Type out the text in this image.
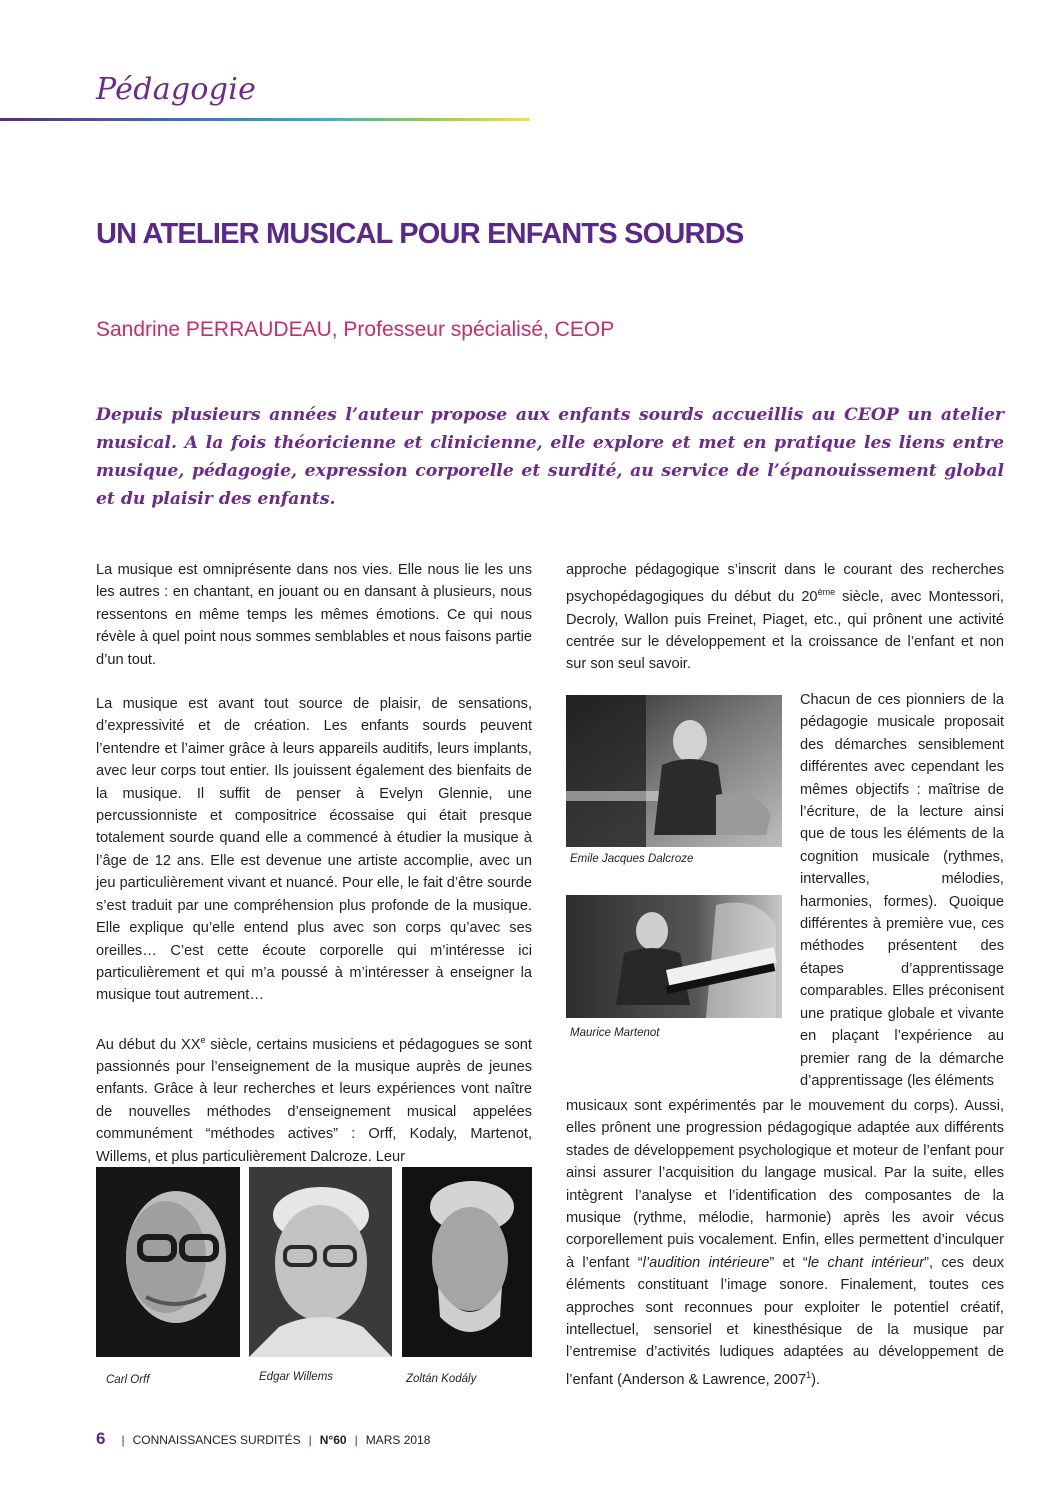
Pédagogie
UN ATELIER MUSICAL POUR ENFANTS SOURDS
Sandrine PERRAUDEAU, Professeur spécialisé, CEOP

Depuis plusieurs années l’auteur propose aux enfants sourds accueillis au CEOP un atelier musical. A la fois théoricienne et clinicienne, elle explore et met en pratique les liens entre musique, pédagogie, expression corporelle et surdité, au service de l’épanouissement global et du plaisir des enfants.

La musique est omniprésente dans nos vies. Elle nous lie les uns les autres : en chantant, en jouant ou en dansant à plusieurs, nous ressentons en même temps les mêmes émotions. Ce qui nous révèle à quel point nous sommes semblables et nous faisons partie d’un tout.

La musique est avant tout source de plaisir, de sensations, d’expressivité et de création. Les enfants sourds peuvent l’entendre et l’aimer grâce à leurs appareils auditifs, leurs implants, avec leur corps tout entier. Ils jouissent également des bienfaits de la musique. Il suffit de penser à Evelyn Glennie, une percussionniste et compositrice écossaise qui était presque totalement sourde quand elle a commencé à étudier la musique à l’âge de 12 ans. Elle est devenue une artiste accomplie, avec un jeu particulièrement vivant et nuancé. Pour elle, le fait d’être sourde s’est traduit par une compréhension plus profonde de la musique. Elle explique qu’elle entend plus avec son corps qu’avec ses oreilles… C’est cette écoute corporelle qui m’intéresse ici particulièrement et qui m’a poussé à m’intéresser à enseigner la musique tout autrement…

Au début du XXe siècle, certains musiciens et pédagogues se sont passionnés pour l’enseignement de la musique auprès de jeunes enfants. Grâce à leur recherches et leurs expériences vont naître de nouvelles méthodes d’enseignement musical appelées communément “méthodes actives” : Orff, Kodaly, Martenot, Willems, et plus particulièrement Dalcroze. Leur

approche pédagogique s’inscrit dans le courant des recherches psychopédagogiques du début du 20ème siècle, avec Montessori, Decroly, Wallon puis Freinet, Piaget, etc., qui prônent une activité centrée sur le développement et la croissance de l’enfant et non sur son seul savoir.

Emile Jacques Dalcroze
Maurice Martenot

Chacun de ces pionniers de la pédagogie musicale proposait des démarches sensiblement différentes avec cependant les mêmes objectifs : maîtrise de l’écriture, de la lecture ainsi que de tous les éléments de la cognition musicale (rythmes, intervalles, mélodies, harmonies, formes). Quoique différentes à première vue, ces méthodes présentent des étapes d’apprentissage comparables. Elles préconisent une pratique globale et vivante en plaçant l’expérience au premier rang de la démarche d’apprentissage (les éléments

musicaux sont expérimentés par le mouvement du corps). Aussi, elles prônent une progression pédagogique adaptée aux différents stades de développement psychologique et moteur de l’enfant pour ainsi assurer l’acquisition du langage musical. Par la suite, elles intègrent l’analyse et l’identification des composantes de la musique (rythme, mélodie, harmonie) après les avoir vécus corporellement puis vocalement. Enfin, elles permettent d’inculquer à l’enfant “l’audition intérieure” et “le chant intérieur”, ces deux éléments constituant l’image sonore. Finalement, toutes ces approches sont reconnues pour exploiter le potentiel créatif, intellectuel, sensoriel et kinesthésique de la musique par l’entremise d’activités ludiques adaptées au développement de l’enfant (Anderson & Lawrence, 2007$^1$).

Carl Orff	Edgar Willems	Zoltán Kodály
6 | CONNAISSANCES SURDITÉS | N°60 | MARS 2018
